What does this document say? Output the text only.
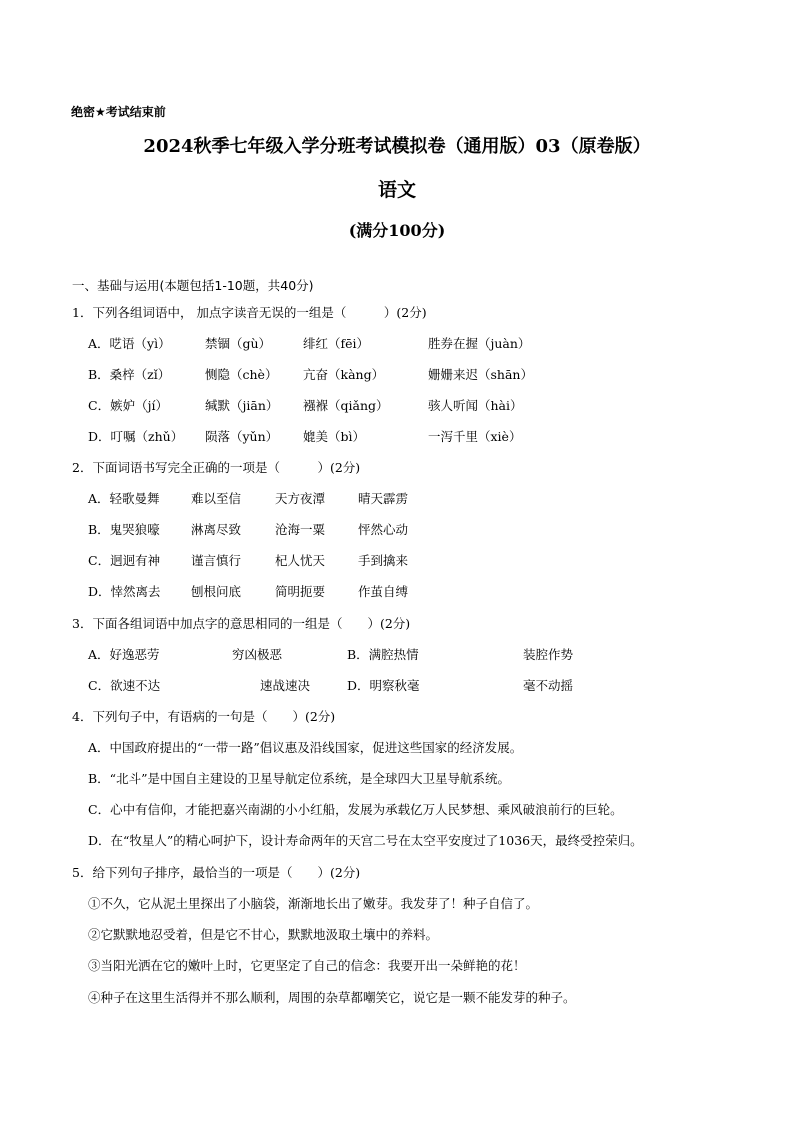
绝密★考试结束前
2024秋季七年级入学分班考试模拟卷（通用版）03（原卷版）
语文
(满分100分)
一、基础与运用(本题包括1-10题，共40分)
1．下列各组词语中， 加点字读音无误的一组是（　　　）(2分)
A．呓语（yì）	禁锢（gù）	绯红（fēi）	胜券在握（juàn）
B．桑梓（zǐ）	恻隐（chè） 亢奋（kàng）	姗姗来迟（shān）
C．嫉妒（jí）	缄默（jiān） 襁褓（qiǎng）	骇人听闻（hài）
D．叮嘱（zhǔ） 陨落（yǔn） 媲美（bì）	一泻千里（xiè）
2．下面词语书写完全正确的一项是（　　　）(2分)
A．轻歌曼舞	难以至信	天方夜潭	晴天霹雳
B．鬼哭狼嚎	淋离尽致	沧海一粟	怦然心动
C．迥迥有神 谨言慎行	杞人忧天	手到擒来
D．悻然离去 刨根问底	简明扼要	作茧自缚
3．下面各组词语中加点字的意思相同的一组是（　　）(2分)
A．好逸恶劳	穷凶极恶	B．满腔热情	装腔作势
C．欲速不达	速战速决	D．明察秋毫	毫不动摇
4．下列句子中，有语病的一句是（　　）(2分)
A．中国政府提出的“一带一路”倡议惠及沿线国家，促进这些国家的经济发展。
B．“北斗”是中国自主建设的卫星导航定位系统，是全球四大卫星导航系统。
C．心中有信仰，才能把嘉兴南湖的小小红船，发展为承载亿万人民梦想、乘风破浪前行的巨轮。
D．在“牧星人”的精心呵护下，设计寿命两年的天宫二号在太空平安度过了1036天，最终受控荣归。
5．给下列句子排序，最恰当的一项是（　　）(2分)
①不久，它从泥土里探出了小脑袋，渐渐地长出了嫩芽。我发芽了！种子自信了。
②它默默地忍受着，但是它不甘心，默默地汲取土壤中的养料。
③当阳光洒在它的嫩叶上时，它更坚定了自己的信念：我要开出一朵鲜艳的花！
④种子在这里生活得并不那么顺利，周围的杂草都嘲笑它，说它是一颗不能发芽的种子。
